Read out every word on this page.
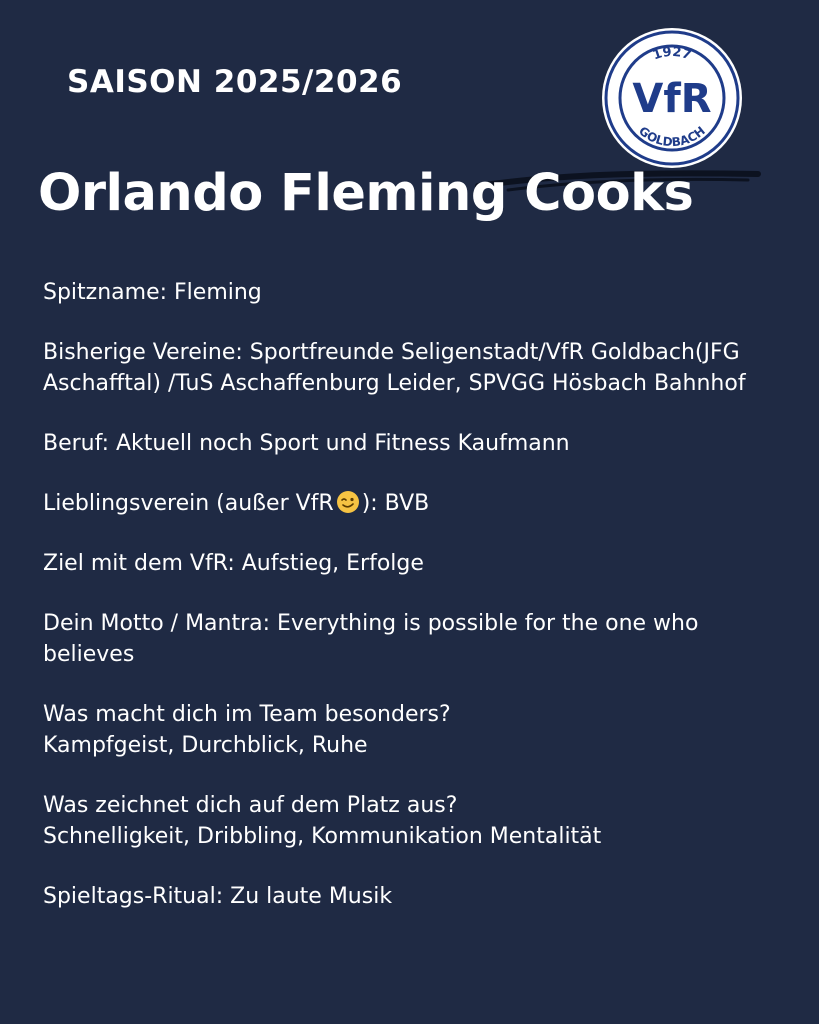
SAISON 2025/2026
1927
GOLDBACH
VfR
Orlando Fleming Cooks
Spitzname: Fleming
Bisherige Vereine: Sportfreunde Seligenstadt/VfR Goldbach(JFG
Aschafftal) /TuS Aschaffenburg Leider, SPVGG Hösbach Bahnhof
Beruf: Aktuell noch Sport und Fitness Kaufmann
Lieblingsverein (außer VfR ): BVB
Ziel mit dem VfR: Aufstieg, Erfolge
Dein Motto / Mantra: Everything is possible for the one who
believes
Was macht dich im Team besonders?
Kampfgeist, Durchblick, Ruhe
Was zeichnet dich auf dem Platz aus?
Schnelligkeit, Dribbling, Kommunikation Mentalität
Spieltags-Ritual: Zu laute Musik
